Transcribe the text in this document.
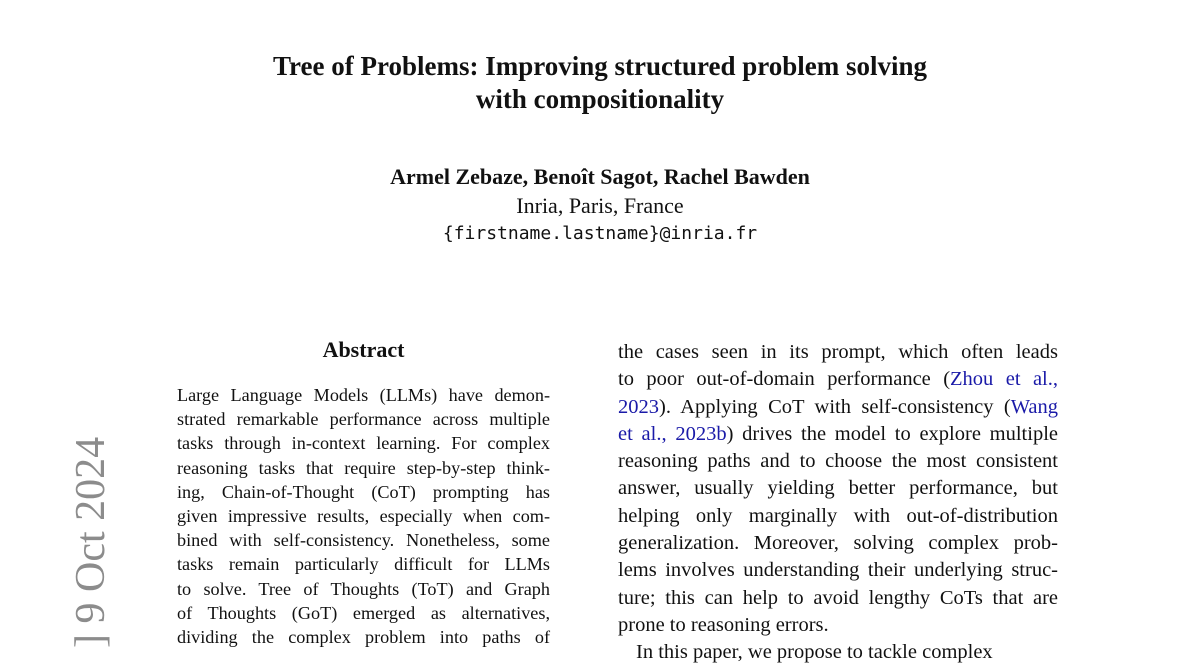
Tree of Problems: Improving structured problem solving
with compositionality
Armel Zebaze, Benoît Sagot, Rachel Bawden
Inria, Paris, France
{firstname.lastname}@inria.fr
] 9 Oct 2024
Abstract
Large Language Models (LLMs) have demon-
strated remarkable performance across multiple
tasks through in-context learning. For complex
reasoning tasks that require step-by-step think-
ing, Chain-of-Thought (CoT) prompting has
given impressive results, especially when com-
bined with self-consistency. Nonetheless, some
tasks remain particularly difficult for LLMs
to solve. Tree of Thoughts (ToT) and Graph
of Thoughts (GoT) emerged as alternatives,
dividing the complex problem into paths of
the cases seen in its prompt, which often leads
to poor out-of-domain performance (Zhou et al.,
2023). Applying CoT with self-consistency (Wang
et al., 2023b) drives the model to explore multiple
reasoning paths and to choose the most consistent
answer, usually yielding better performance, but
helping only marginally with out-of-distribution
generalization. Moreover, solving complex prob-
lems involves understanding their underlying struc-
ture; this can help to avoid lengthy CoTs that are
prone to reasoning errors.
In this paper, we propose to tackle complex
